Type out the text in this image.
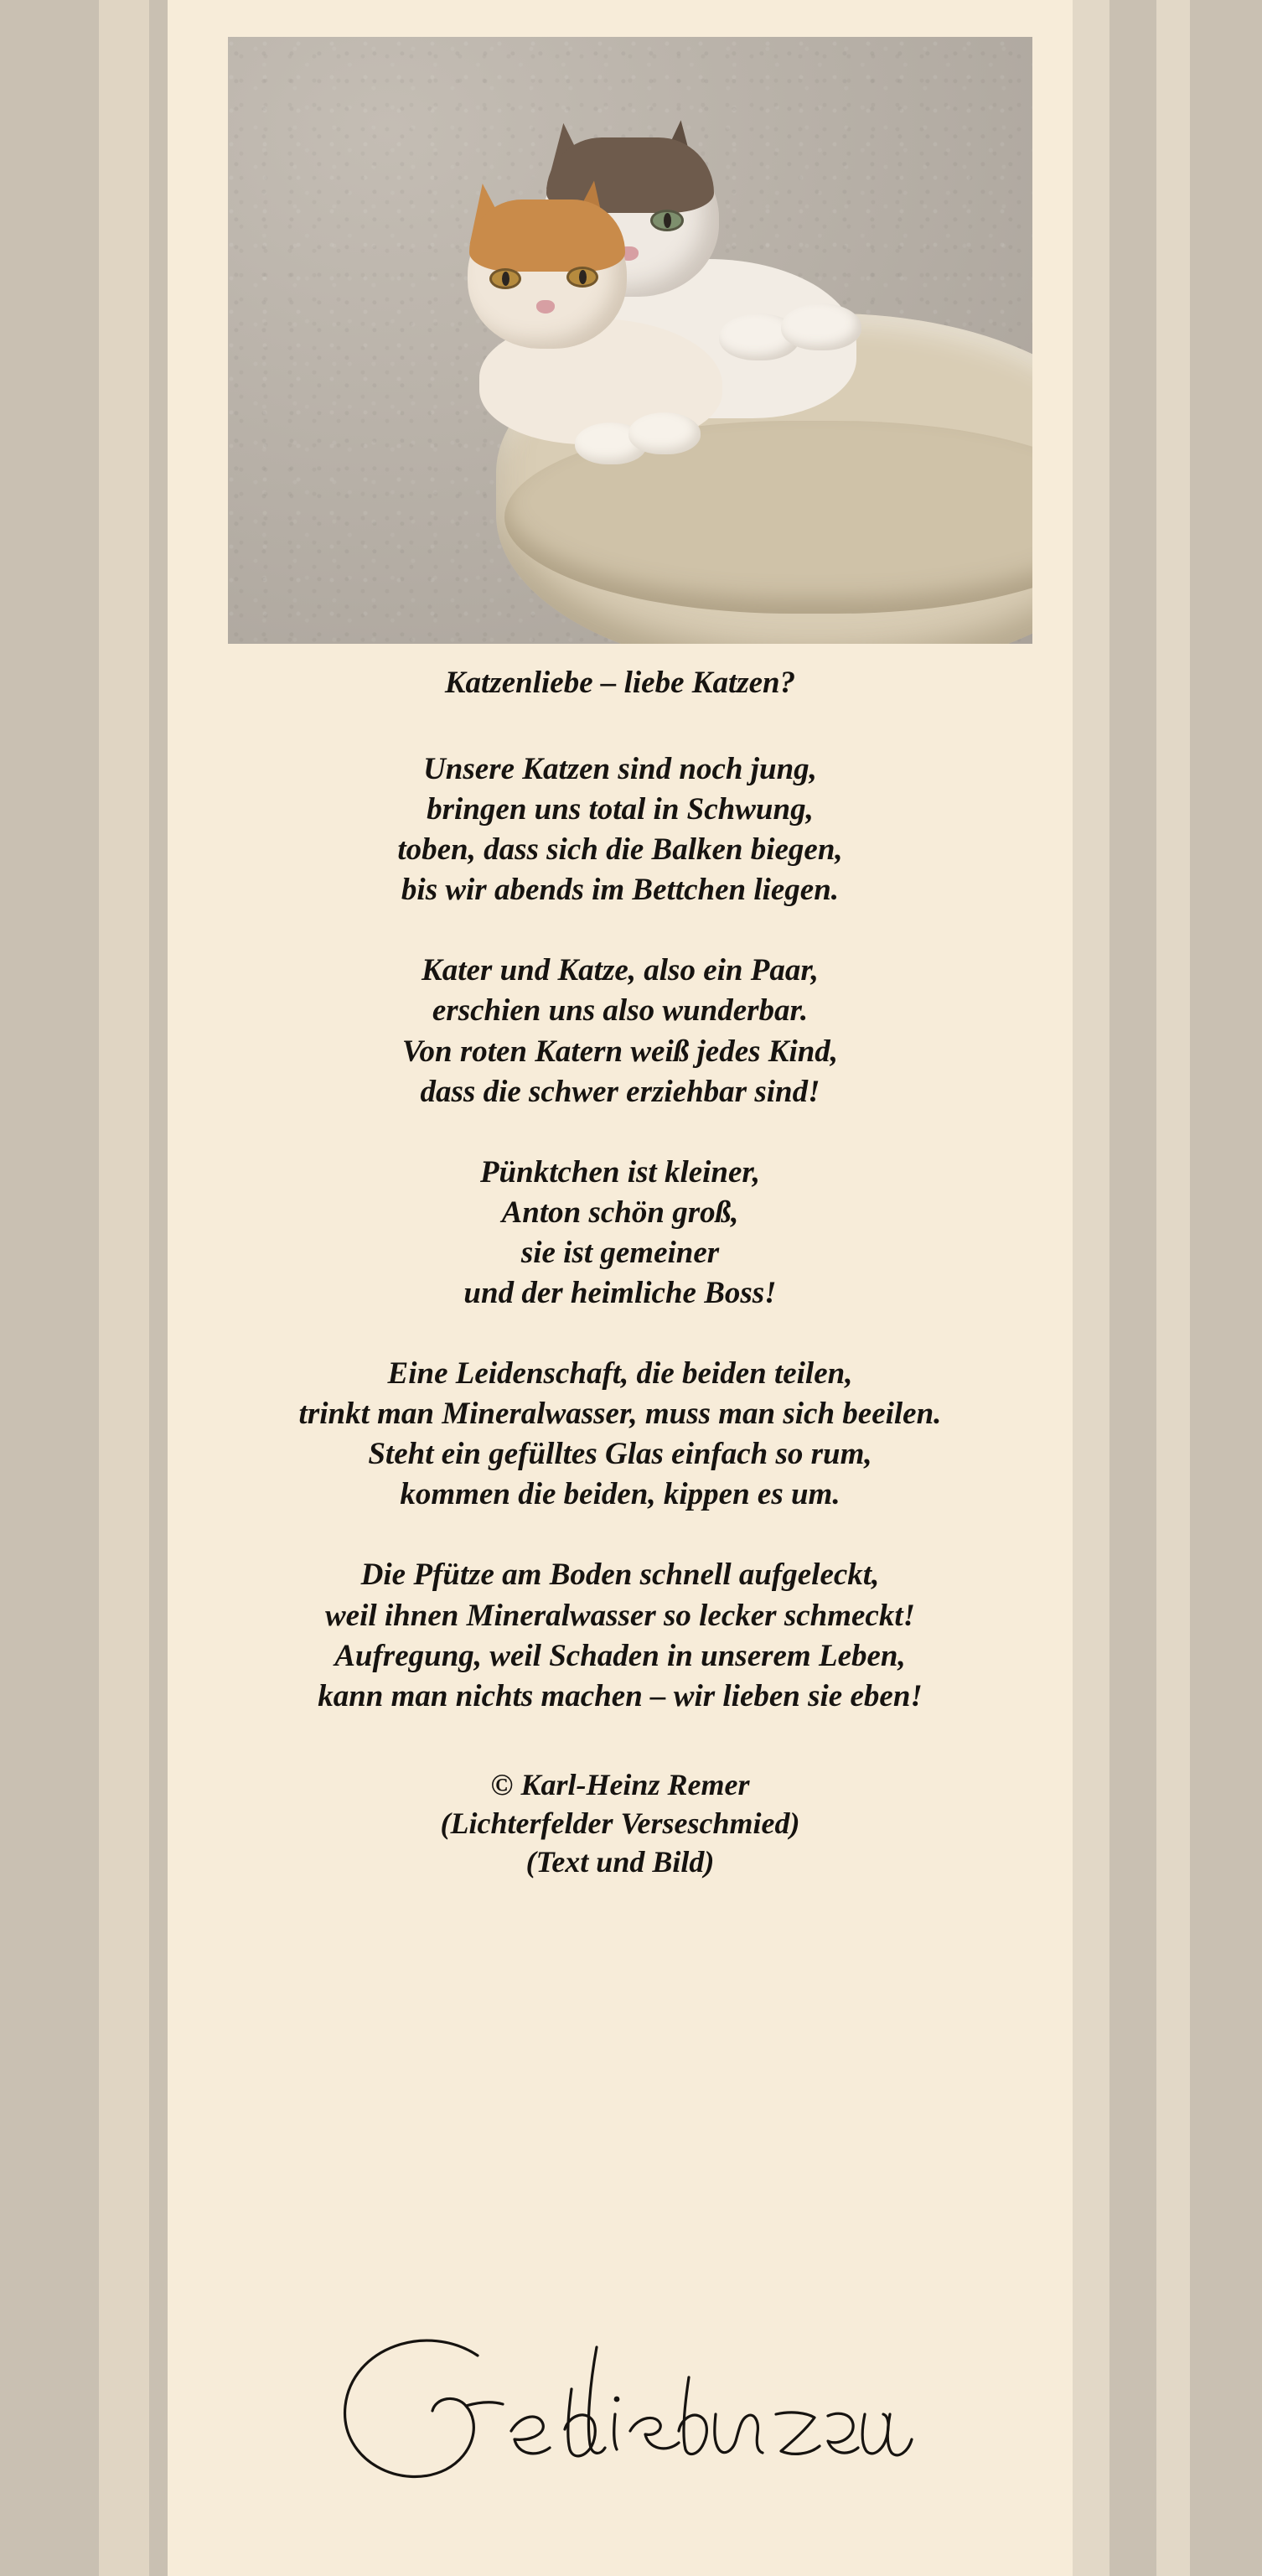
Katzenliebe – liebe Katzen?
Unsere Katzen sind noch jung,
bringen uns total in Schwung,
toben, dass sich die Balken biegen,
bis wir abends im Bettchen liegen.
Kater und Katze, also ein Paar,
erschien uns also wunderbar.
Von roten Katern weiß jedes Kind,
dass die schwer erziehbar sind!
Pünktchen ist kleiner,
Anton schön groß,
sie ist gemeiner
und der heimliche Boss!
Eine Leidenschaft, die beiden teilen,
trinkt man Mineralwasser, muss man sich beeilen.
Steht ein gefülltes Glas einfach so rum,
kommen die beiden, kippen es um.
Die Pfütze am Boden schnell aufgeleckt,
weil ihnen Mineralwasser so lecker schmeckt!
Aufregung, weil Schaden in unserem Leben,
kann man nichts machen – wir lieben sie eben!
© Karl-Heinz Remer
(Lichterfelder Verseschmied)
(Text und Bild)
